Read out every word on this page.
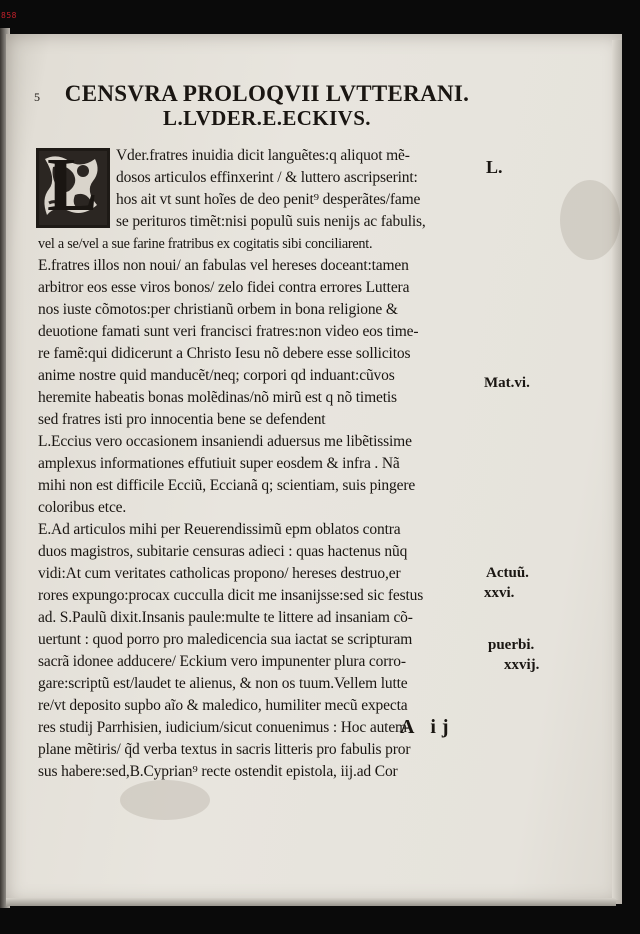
858
5 CENSVRA PROLOQVII LVTTERANI.
L.LVDER.E.ECKIVS.
L Vder.fratres inuidia dicit languẽtes:q aliquot mẽ-
dosos articulos effinxerint / & luttero ascripserint:
hos ait vt sunt hoĩes de deo penit⁹ desperãtes/fame
se perituros timẽt:nisi populũ suis nenijs ac fabulis,
vel a se/vel a sue farine fratribus ex cogitatis sibi conciliarent.
E.fratres illos non noui/ an fabulas vel hereses doceant:tamen
arbitror eos esse viros bonos/ zelo fidei contra errores Luttera
nos iuste cõmotos:per christianũ orbem in bona religione &
deuotione famati sunt veri francisci fratres:non video eos time-
re famẽ:qui didicerunt a Christo Iesu nõ debere esse sollicitos
anime nostre quid manducẽt/neq; corpori qd induant:cũvos
heremite habeatis bonas molẽdinas/nõ mirũ est q nõ timetis
sed fratres isti pro innocentia bene se defendent
L.Eccius vero occasionem insaniendi aduersus me libẽtissime
amplexus informationes effutiuit super eosdem & infra . Nã
mihi non est difficile Ecciũ, Eccianã q; scientiam, suis pingere
coloribus etce.
E.Ad articulos mihi per Reuerendissimũ epm oblatos contra
duos magistros, subitarie censuras adieci : quas hactenus nũq
vidi:At cum veritates catholicas propono/ hereses destruo,er
rores expungo:procax cucculla dicit me insanijsse:sed sic festus
ad. S.Paulũ dixit.Insanis paule:multe te littere ad insaniam cõ-
uertunt : quod porro pro maledicencia sua iactat se scripturam
sacrã idonee adducere/ Eckium vero impunenter plura corro-
gare:scriptũ est/laudet te alienus, & non os tuum.Vellem lutte
re/vt deposito supbo aĩo & maledico, humiliter mecũ expecta
res studij Parrhisien, iudicium/sicut conuenimus : Hoc autem
plane mẽtiris/ q̃d verba textus in sacris litteris pro fabulis pror
sus habere:sed,B.Cyprian⁹ recte ostendit epistola, iij.ad Cor
L.
Mat.vi.
Actuũ.
xxvi.
puerbi.
xxvij.
A ij
